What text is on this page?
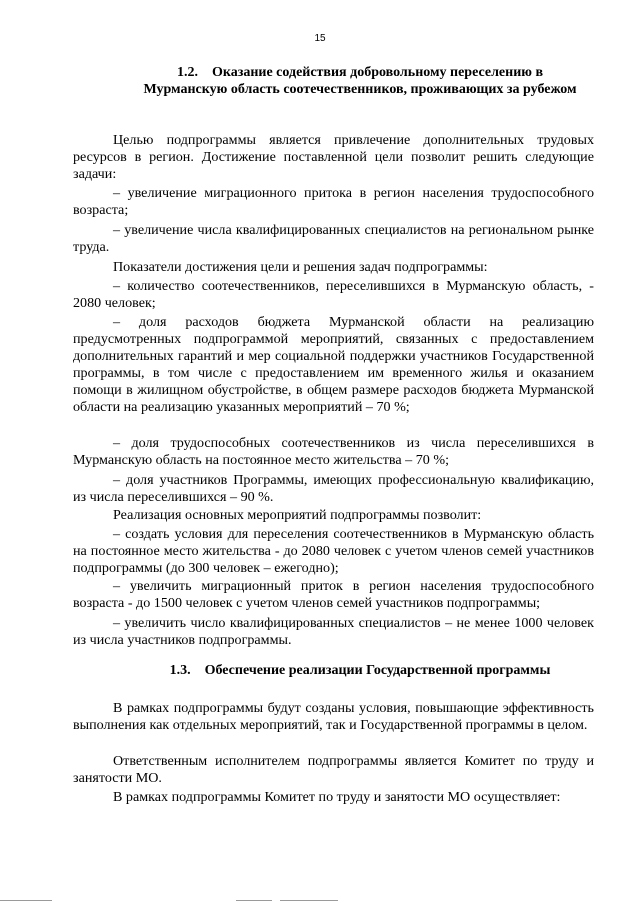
15
1.2. Оказание содействия добровольному переселению в Мурманскую область соотечественников, проживающих за рубежом

Целью подпрограммы является привлечение дополнительных трудовых ресурсов в регион. Достижение поставленной цели позволит решить следующие задачи:

– увеличение миграционного притока в регион населения трудоспособного возраста;

– увеличение числа квалифицированных специалистов на региональном рынке труда.

Показатели достижения цели и решения задач подпрограммы:

– количество соотечественников, переселившихся в Мурманскую область, - 2080 человек;

– доля расходов бюджета Мурманской области на реализацию предусмотренных подпрограммой мероприятий, связанных с предоставлением дополнительных гарантий и мер социальной поддержки участников Государственной программы, в том числе с предоставлением им временного жилья и оказанием помощи в жилищном обустройстве, в общем размере расходов бюджета Мурманской области на реализацию указанных мероприятий – 70 %;

– доля трудоспособных соотечественников из числа переселившихся в Мурманскую область на постоянное место жительства – 70 %;

– доля участников Программы, имеющих профессиональную квалификацию, из числа переселившихся – 90 %.

Реализация основных мероприятий подпрограммы позволит:

– создать условия для переселения соотечественников в Мурманскую область на постоянное место жительства - до 2080 человек с учетом членов семей участников подпрограммы (до 300 человек – ежегодно);

– увеличить миграционный приток в регион населения трудоспособного возраста - до 1500 человек с учетом членов семей участников подпрограммы;

– увеличить число квалифицированных специалистов – не менее 1000 человек из числа участников подпрограммы.

1.3. Обеспечение реализации Государственной программы

В рамках подпрограммы будут созданы условия, повышающие эффективность выполнения как отдельных мероприятий, так и Государственной программы в целом.

Ответственным исполнителем подпрограммы является Комитет по труду и занятости МО.

В рамках подпрограммы Комитет по труду и занятости МО осуществляет:
